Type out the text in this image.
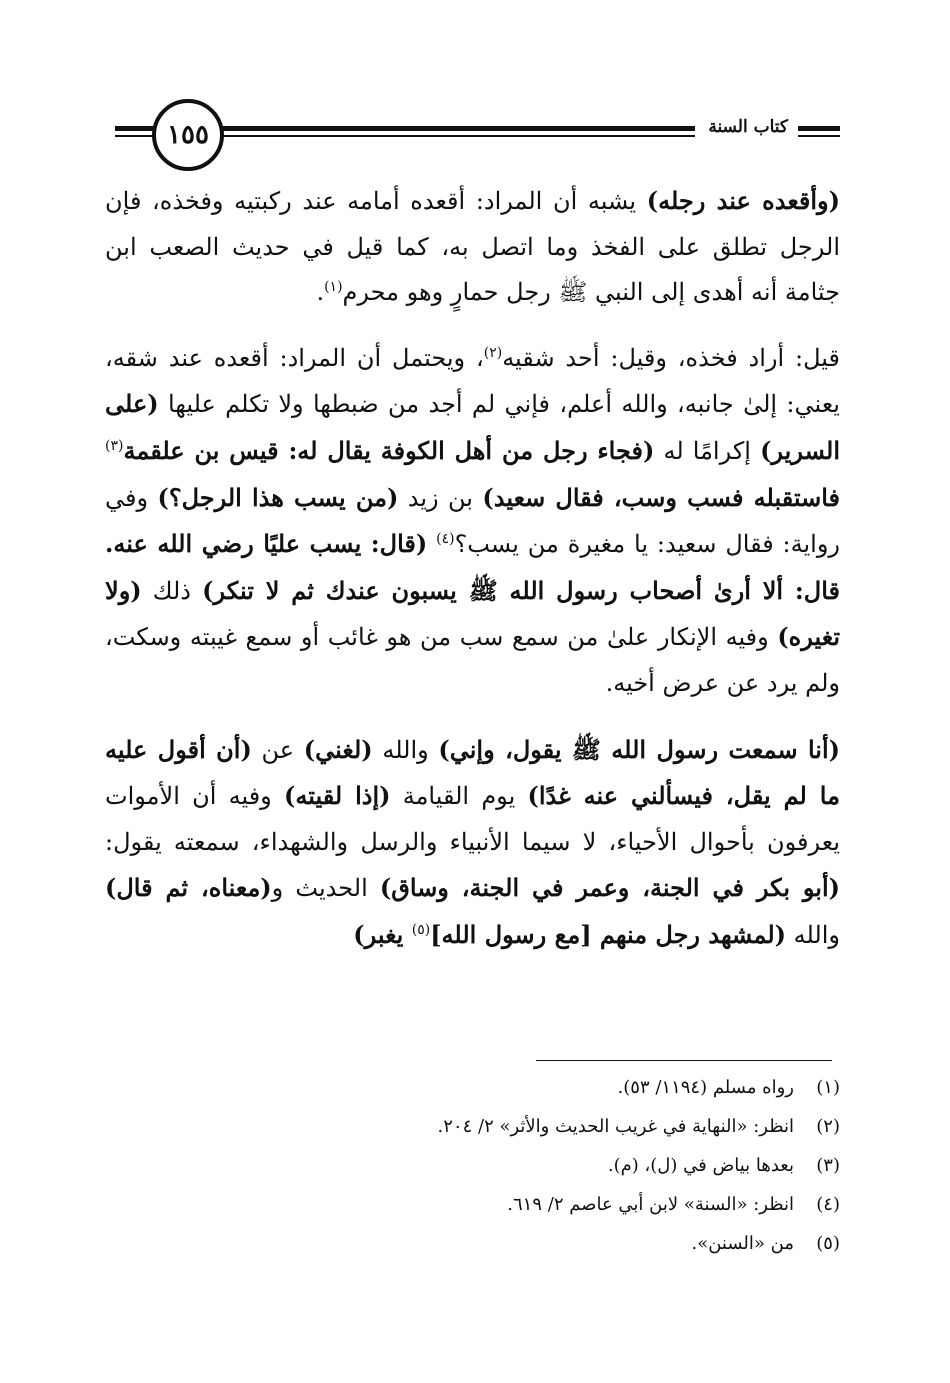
١٥٥	كتاب السنة

(وأقعده عند رجله) يشبه أن المراد: أقعده أمامه عند ركبتيه وفخذه، فإن الرجل تطلق على الفخذ وما اتصل به، كما قيل في حديث الصعب ابن جثامة أنه أهدى إلى النبي ﷺ رجل حمارٍ وهو محرم$^{(١)}$.

قيل: أراد فخذه، وقيل: أحد شقيه$^{(٢)}$، ويحتمل أن المراد: أقعده عند شقه، يعني: إلىٰ جانبه، والله أعلم، فإني لم أجد من ضبطها ولا تكلم عليها (على السرير) إكرامًا له (فجاء رجل من أهل الكوفة يقال له: قيس بن علقمة$^{(٣)}$ فاستقبله فسب وسب، فقال سعيد) بن زيد (من يسب هذا الرجل؟) وفي رواية: فقال سعيد: يا مغيرة من يسب؟$^{(٤)}$ (قال: يسب عليًا رضي الله عنه. قال: ألا أرىٰ أصحاب رسول الله ﷺ يسبون عندك ثم لا تنكر) ذلك (ولا تغيره) وفيه الإنكار علىٰ من سمع سب من هو غائب أو سمع غيبته وسكت، ولم يرد عن عرض أخيه.

(أنا سمعت رسول الله ﷺ يقول، وإني) والله (لغني) عن (أن أقول عليه ما لم يقل، فيسألني عنه غدًا) يوم القيامة (إذا لقيته) وفيه أن الأموات يعرفون بأحوال الأحياء، لا سيما الأنبياء والرسل والشهداء، سمعته يقول: (أبو بكر في الجنة، وعمر في الجنة، وساق) الحديث و(معناه، ثم قال) والله (لمشهد رجل منهم [مع رسول الله]$^{(٥)}$ يغبر)

(١)
رواه مسلم (١١٩٤/ ٥٣).
(٢)
انظر: «النهاية في غريب الحديث والأثر» ٢/ ٢٠٤.
(٣)
بعدها بياض في (ل)، (م).
(٤)
انظر: «السنة» لابن أبي عاصم ٢/ ٦١٩.
(٥)
من «السنن».
